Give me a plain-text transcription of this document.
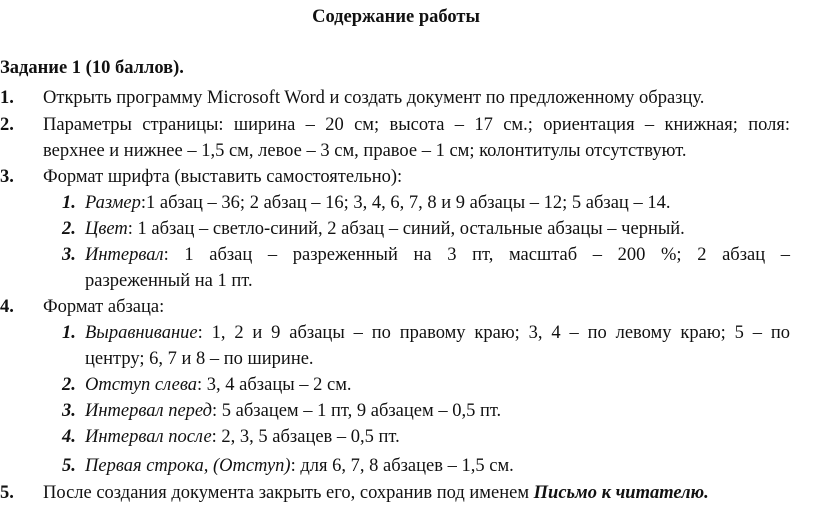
Содержание работы
Задание 1 (10 баллов).
1. Открыть программу Microsoft Word и создать документ по предложенному образцу.
2. Параметры страницы: ширина – 20 см; высота – 17 см.; ориентация – книжная; поля:
верхнее и нижнее – 1,5 см, левое – 3 см, правое – 1 см; колонтитулы отсутствуют.
3. Формат шрифта (выставить самостоятельно):
1. Размер:1 абзац – 36; 2 абзац – 16; 3, 4, 6, 7, 8 и 9 абзацы – 12; 5 абзац – 14.
2. Цвет: 1 абзац – светло-синий, 2 абзац – синий, остальные абзацы – черный.
3. Интервал: 1 абзац – разреженный на 3 пт, масштаб – 200 %; 2 абзац –
разреженный на 1 пт.
4. Формат абзаца:
1. Выравнивание: 1, 2 и 9 абзацы – по правому краю; 3, 4 – по левому краю; 5 – по
центру; 6, 7 и 8 – по ширине.
2. Отступ слева: 3, 4 абзацы – 2 см.
3. Интервал перед: 5 абзацем – 1 пт, 9 абзацем – 0,5 пт.
4. Интервал после: 2, 3, 5 абзацев – 0,5 пт.
5. Первая строка, (Отступ): для 6, 7, 8 абзацев – 1,5 см.
5. После создания документа закрыть его, сохранив под именем Письмо к читателю.
